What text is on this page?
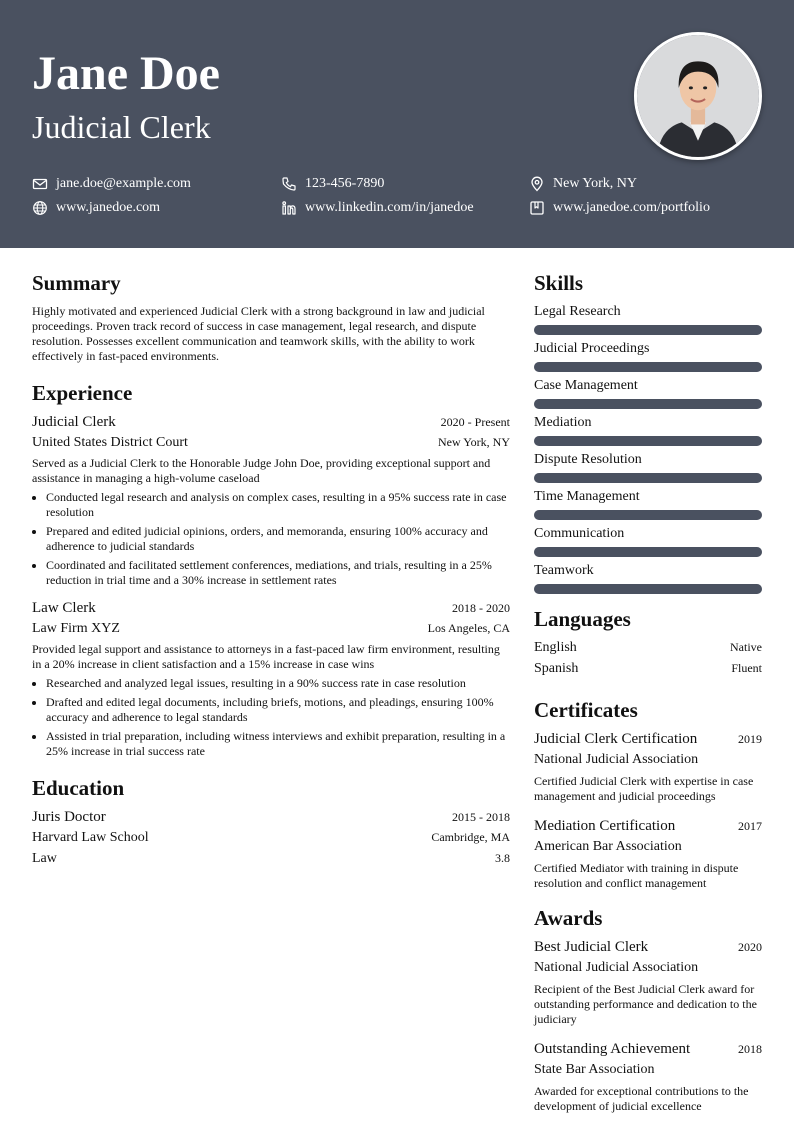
Jane Doe
Judicial Clerk
jane.doe@example.com	123-456-7890	New York, NY
www.janedoe.com	www.linkedin.com/in/janedoe	www.janedoe.com/portfolio
Summary

Highly motivated and experienced Judicial Clerk with a strong background in law and judicial proceedings. Proven track record of success in case management, legal research, and dispute resolution. Possesses excellent communication and teamwork skills, with the ability to work effectively in fast-paced environments.

Experience
Judicial Clerk	2020 - Present
United States District Court	New York, NY
Served as a Judicial Clerk to the Honorable Judge John Doe, providing exceptional support and assistance in managing a high-volume caseload
• Conducted legal research and analysis on complex cases, resulting in a 95% success rate in case resolution
• Prepared and edited judicial opinions, orders, and memoranda, ensuring 100% accuracy and adherence to judicial standards
• Coordinated and facilitated settlement conferences, mediations, and trials, resulting in a 25% reduction in trial time and a 30% increase in settlement rates
Law Clerk	2018 - 2020
Law Firm XYZ	Los Angeles, CA
Provided legal support and assistance to attorneys in a fast-paced law firm environment, resulting in a 20% increase in client satisfaction and a 15% increase in case wins
• Researched and analyzed legal issues, resulting in a 90% success rate in case resolution
• Drafted and edited legal documents, including briefs, motions, and pleadings, ensuring 100% accuracy and adherence to legal standards
• Assisted in trial preparation, including witness interviews and exhibit preparation, resulting in a 25% increase in trial success rate
Education
Juris Doctor	2015 - 2018
Harvard Law School	Cambridge, MA
Law	3.8
Skills
Legal Research
Judicial Proceedings
Case Management
Mediation
Dispute Resolution
Time Management
Communication
Teamwork
Languages
English	Native
Spanish	Fluent
Certificates
Judicial Clerk Certification	2019
National Judicial Association
Certified Judicial Clerk with expertise in case management and judicial proceedings
Mediation Certification	2017
American Bar Association
Certified Mediator with training in dispute resolution and conflict management
Awards
Best Judicial Clerk	2020
National Judicial Association
Recipient of the Best Judicial Clerk award for outstanding performance and dedication to the judiciary
Outstanding Achievement	2018
State Bar Association
Awarded for exceptional contributions to the development of judicial excellence
